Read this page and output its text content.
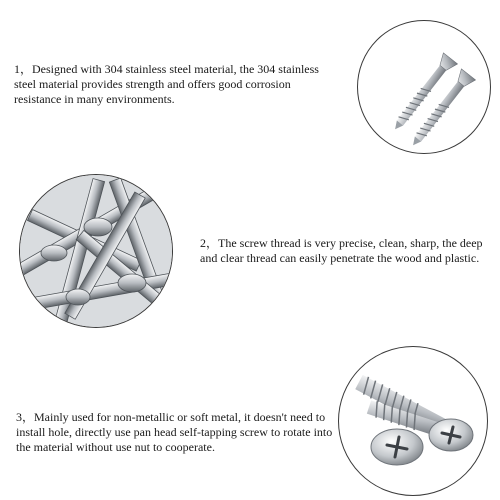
1，Designed with 304 stainless steel material, the 304 stainless steel material provides strength and offers good corrosion resistance in many environments.

2，The screw thread is very precise, clean, sharp, the deep and clear thread can easily penetrate the wood and plastic.

3，Mainly used for non-metallic or soft metal, it doesn't need to install hole, directly use pan head self-tapping screw to rotate into the material without use nut to cooperate.
